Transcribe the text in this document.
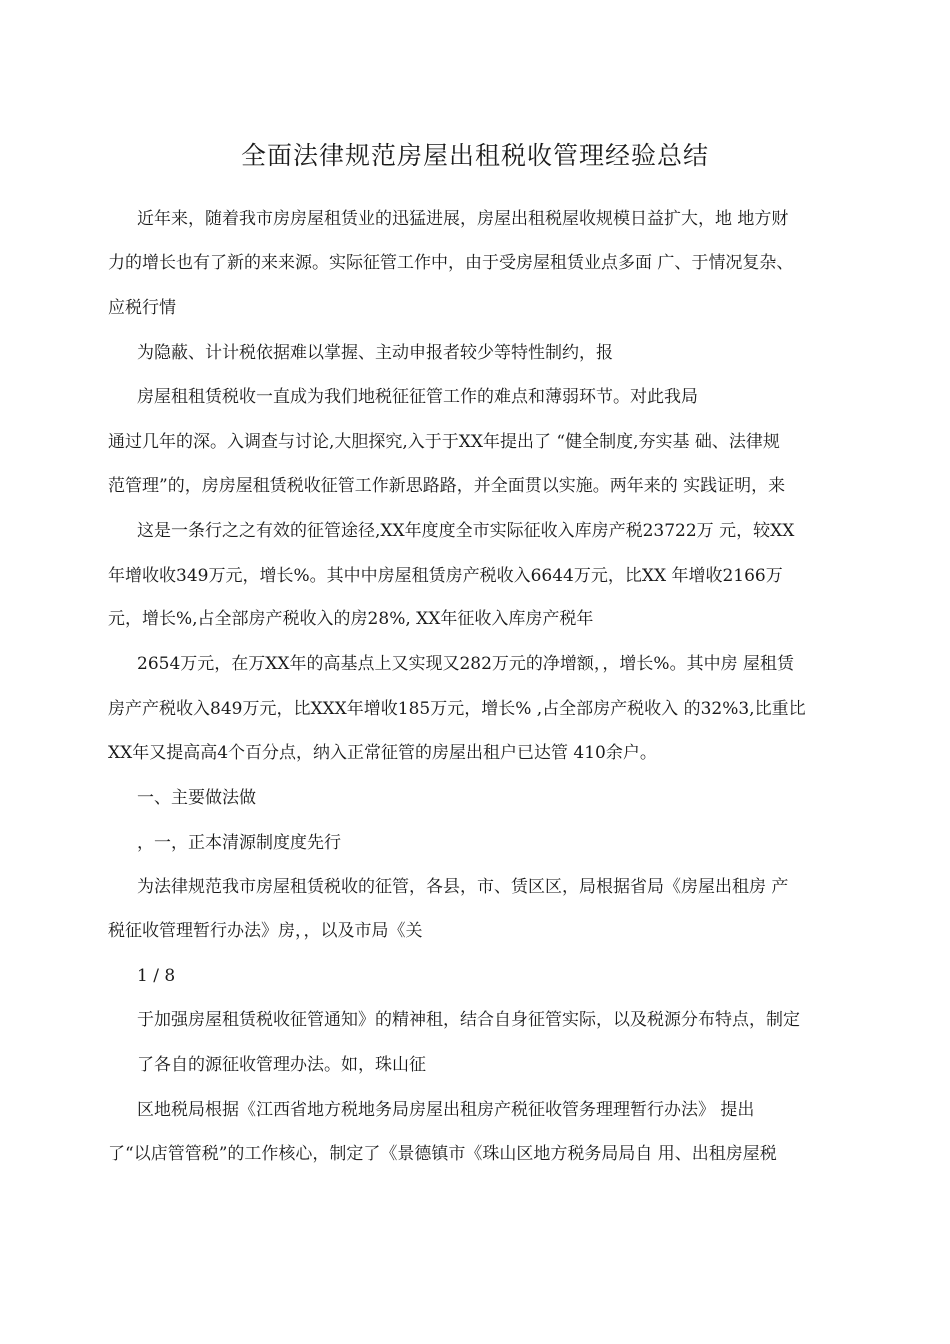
全面法律规范房屋出租税收管理经验总结

近年来，随着我市房房屋租赁业的迅猛进展，房屋出租税屋收规模日益扩大，地 地方财

力的增长也有了新的来来源。实际征管工作中，由于受房屋租赁业点多面 广、于情况复杂、

应税行情

为隐蔽、计计税依据难以掌握、主动申报者较少等特性制约，报

房屋租租赁税收一直成为我们地税征征管工作的难点和薄弱环节。对此我局

通过几年的深。入调查与讨论,大胆探究,入于于XX年提出了 “健全制度,夯实基 础、法律规

范管理”的，房房屋租赁税收征管工作新思路路，并全面贯以实施。两年来的 实践证明，来

这是一条行之之有效的征管途径,XX年度度全市实际征收入库房产税23722万 元，较XX

年增收收349万元，增长%。其中中房屋租赁房产税收入6644万元，比XX 年增收2166万

元，增长%,占全部房产税收入的房28%, XX年征收入库房产税年

2654万元，在万XX年的高基点上又实现又282万元的净增额，，增长%。其中房 屋租赁

房产产税收入849万元，比XXX年增收185万元，增长% ,占全部房产税收入 的32%3,比重比

XX年又提高高4个百分点，纳入正常征管的房屋出租户已达管 410余户。

一、主要做法做

，一，正本清源制度度先行

为法律规范我市房屋租赁税收的征管，各县，市、赁区区，局根据省局《房屋出租房 产

税征收管理暂行办法》房，，以及市局《关

1 / 8

于加强房屋租赁税收征管通知》的精神租，结合自身征管实际，以及税源分布特点，制定

了各自的源征收管理办法。如，珠山征

区地税局根据《江西省地方税地务局房屋出租房产税征收管务理理暂行办法》 提出

了“以店管管税”的工作核心，制定了《景德镇市《珠山区地方税务局局自 用、出租房屋税
